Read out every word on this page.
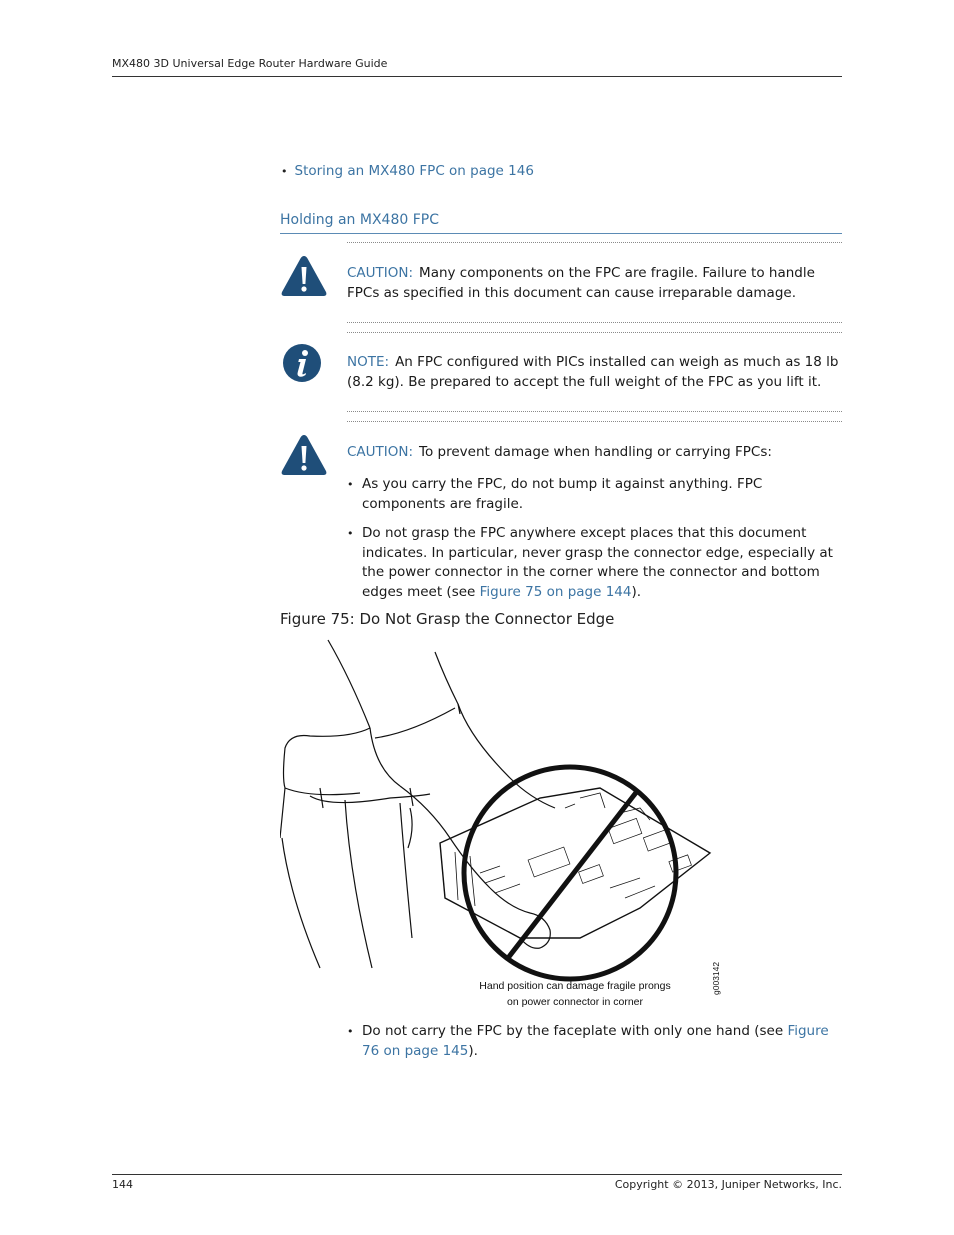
MX480 3D Universal Edge Router Hardware Guide
• Storing an MX480 FPC on page 146
Holding an MX480 FPC
CAUTION: Many components on the FPC are fragile. Failure to handle FPCs as specified in this document can cause irreparable damage.
NOTE: An FPC configured with PICs installed can weigh as much as 18 lb (8.2 kg). Be prepared to accept the full weight of the FPC as you lift it.
CAUTION: To prevent damage when handling or carrying FPCs:
• As you carry the FPC, do not bump it against anything. FPC components are fragile.
• Do not grasp the FPC anywhere except places that this document indicates. In particular, never grasp the connector edge, especially at the power connector in the corner where the connector and bottom edges meet (see Figure 75 on page 144).
Figure 75: Do Not Grasp the Connector Edge
Hand position can damage fragile prongs
on power connector in corner
g003142
• Do not carry the FPC by the faceplate with only one hand (see Figure 76 on page 145).
144	Copyright © 2013, Juniper Networks, Inc.
